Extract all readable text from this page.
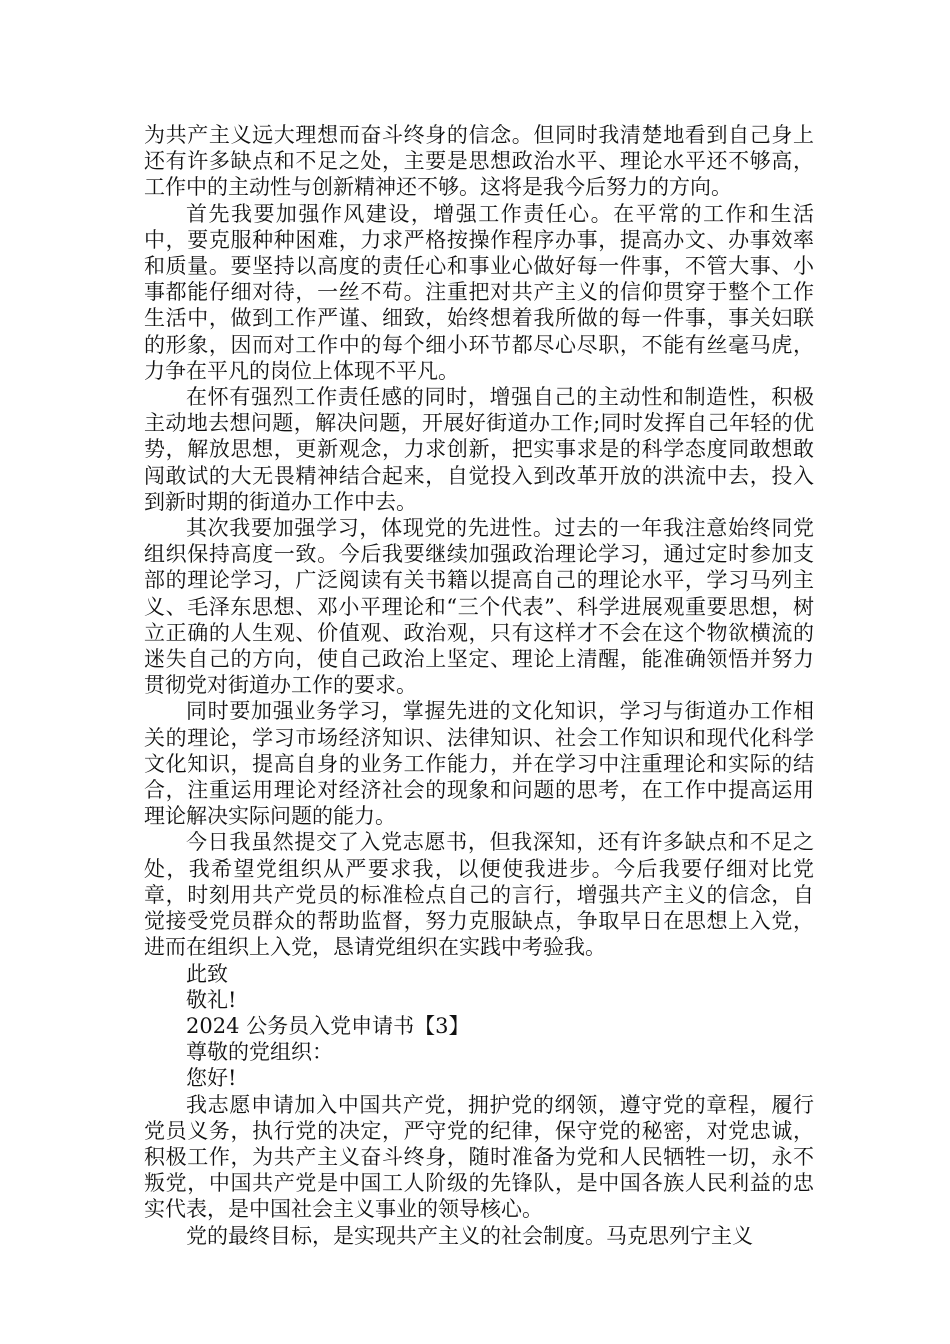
为共产主义远大理想而奋斗终身的信念。但同时我清楚地看到自己身上还有许多缺点和不足之处，主要是思想政治水平、理论水平还不够高，工作中的主动性与创新精神还不够。这将是我今后努力的方向。

首先我要加强作风建设，增强工作责任心。在平常的工作和生活中，要克服种种困难，力求严格按操作程序办事，提高办文、办事效率和质量。要坚持以高度的责任心和事业心做好每一件事，不管大事、小事都能仔细对待，一丝不苟。注重把对共产主义的信仰贯穿于整个工作生活中，做到工作严谨、细致，始终想着我所做的每一件事，事关妇联的形象，因而对工作中的每个细小环节都尽心尽职，不能有丝毫马虎，力争在平凡的岗位上体现不平凡。

在怀有强烈工作责任感的同时，增强自己的主动性和制造性，积极主动地去想问题，解决问题，开展好街道办工作;同时发挥自己年轻的优势，解放思想，更新观念，力求创新，把实事求是的科学态度同敢想敢闯敢试的大无畏精神结合起来，自觉投入到改革开放的洪流中去，投入到新时期的街道办工作中去。

其次我要加强学习，体现党的先进性。过去的一年我注意始终同党组织保持高度一致。今后我要继续加强政治理论学习，通过定时参加支部的理论学习，广泛阅读有关书籍以提高自己的理论水平，学习马列主义、毛泽东思想、邓小平理论和“三个代表”、科学进展观重要思想，树立正确的人生观、价值观、政治观，只有这样才不会在这个物欲横流的迷失自己的方向，使自己政治上坚定、理论上清醒，能准确领悟并努力贯彻党对街道办工作的要求。

同时要加强业务学习，掌握先进的文化知识，学习与街道办工作相关的理论，学习市场经济知识、法律知识、社会工作知识和现代化科学文化知识，提高自身的业务工作能力，并在学习中注重理论和实际的结合，注重运用理论对经济社会的现象和问题的思考，在工作中提高运用理论解决实际问题的能力。

今日我虽然提交了入党志愿书，但我深知，还有许多缺点和不足之处，我希望党组织从严要求我，以便使我进步。今后我要仔细对比党章，时刻用共产党员的标准检点自己的言行，增强共产主义的信念，自觉接受党员群众的帮助监督，努力克服缺点，争取早日在思想上入党，进而在组织上入党，恳请党组织在实践中考验我。

此致

敬礼!

2024 公务员入党申请书【3】

尊敬的党组织：

您好!

我志愿申请加入中国共产党，拥护党的纲领，遵守党的章程，履行党员义务，执行党的决定，严守党的纪律，保守党的秘密，对党忠诚，积极工作，为共产主义奋斗终身，随时准备为党和人民牺牲一切，永不叛党，中国共产党是中国工人阶级的先锋队，是中国各族人民利益的忠实代表，是中国社会主义事业的领导核心。

党的最终目标，是实现共产主义的社会制度。马克思列宁主义
